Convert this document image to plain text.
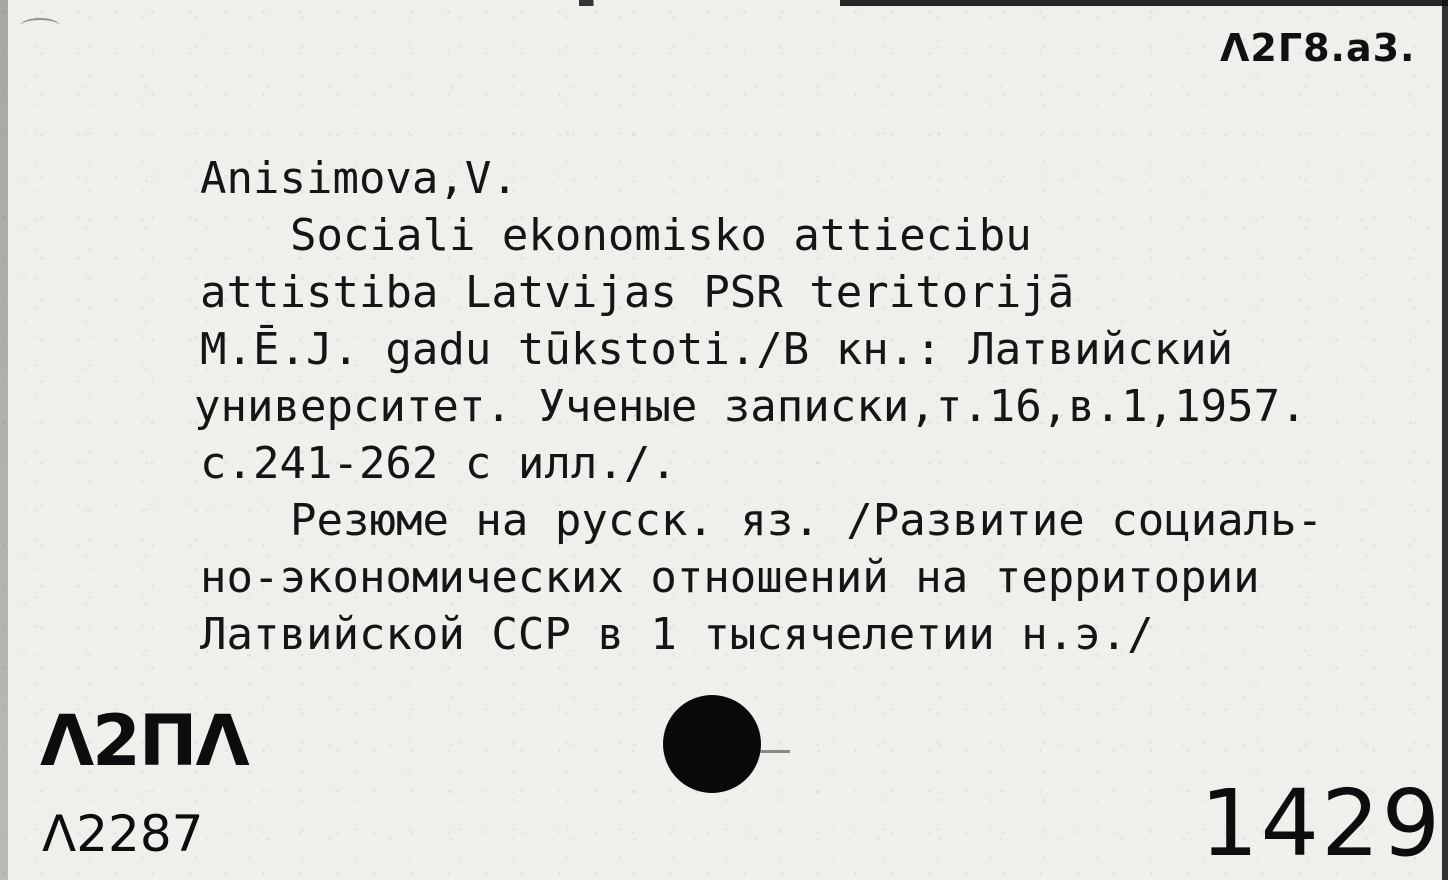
Λ2Γ8.a3.
Anisimova,V.
Sociali ekonomisko attiecibu
attistiba Latvijas PSR teritorijā
M.Ē.J. gadu tūkstoti./B кн.: Латвийский
университет. Ученые записки,т.16,в.1,1957.
с.241-262 с илл./.
Резюме на русск. яз. /Развитие социаль-
но-экономических отношений на территории
Латвийской ССР в 1 тысячелетии н.э./
Λ2ΠΛ
Λ2287	1429
